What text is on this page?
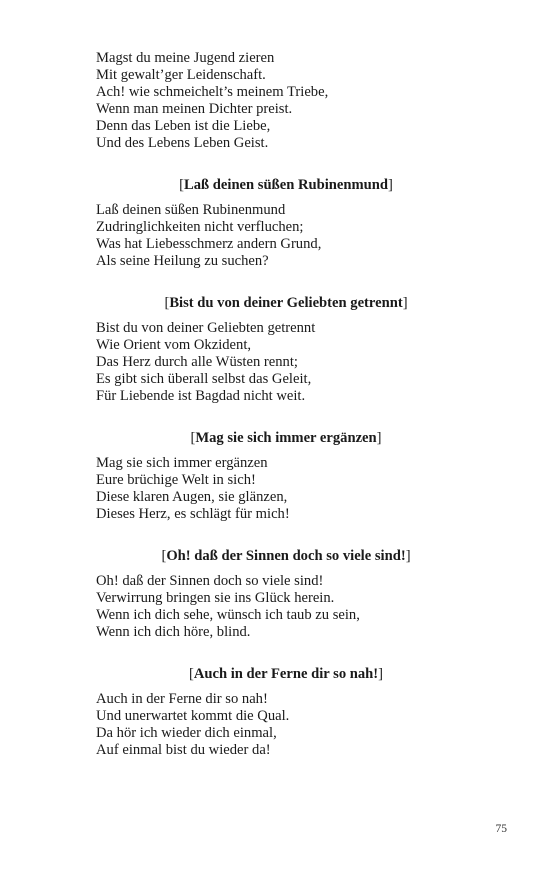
Magst du meine Jugend zieren
Mit gewalt’ger Leidenschaft.
Ach! wie schmeichelt’s meinem Triebe,
Wenn man meinen Dichter preist.
Denn das Leben ist die Liebe,
Und des Lebens Leben Geist.
[Laß deinen süßen Rubinenmund]
Laß deinen süßen Rubinenmund
Zudringlichkeiten nicht verfluchen;
Was hat Liebesschmerz andern Grund,
Als seine Heilung zu suchen?
[Bist du von deiner Geliebten getrennt]
Bist du von deiner Geliebten getrennt
Wie Orient vom Okzident,
Das Herz durch alle Wüsten rennt;
Es gibt sich überall selbst das Geleit,
Für Liebende ist Bagdad nicht weit.
[Mag sie sich immer ergänzen]
Mag sie sich immer ergänzen
Eure brüchige Welt in sich!
Diese klaren Augen, sie glänzen,
Dieses Herz, es schlägt für mich!
[Oh! daß der Sinnen doch so viele sind!]
Oh! daß der Sinnen doch so viele sind!
Verwirrung bringen sie ins Glück herein.
Wenn ich dich sehe, wünsch ich taub zu sein,
Wenn ich dich höre, blind.
[Auch in der Ferne dir so nah!]
Auch in der Ferne dir so nah!
Und unerwartet kommt die Qual.
Da hör ich wieder dich einmal,
Auf einmal bist du wieder da!
75
